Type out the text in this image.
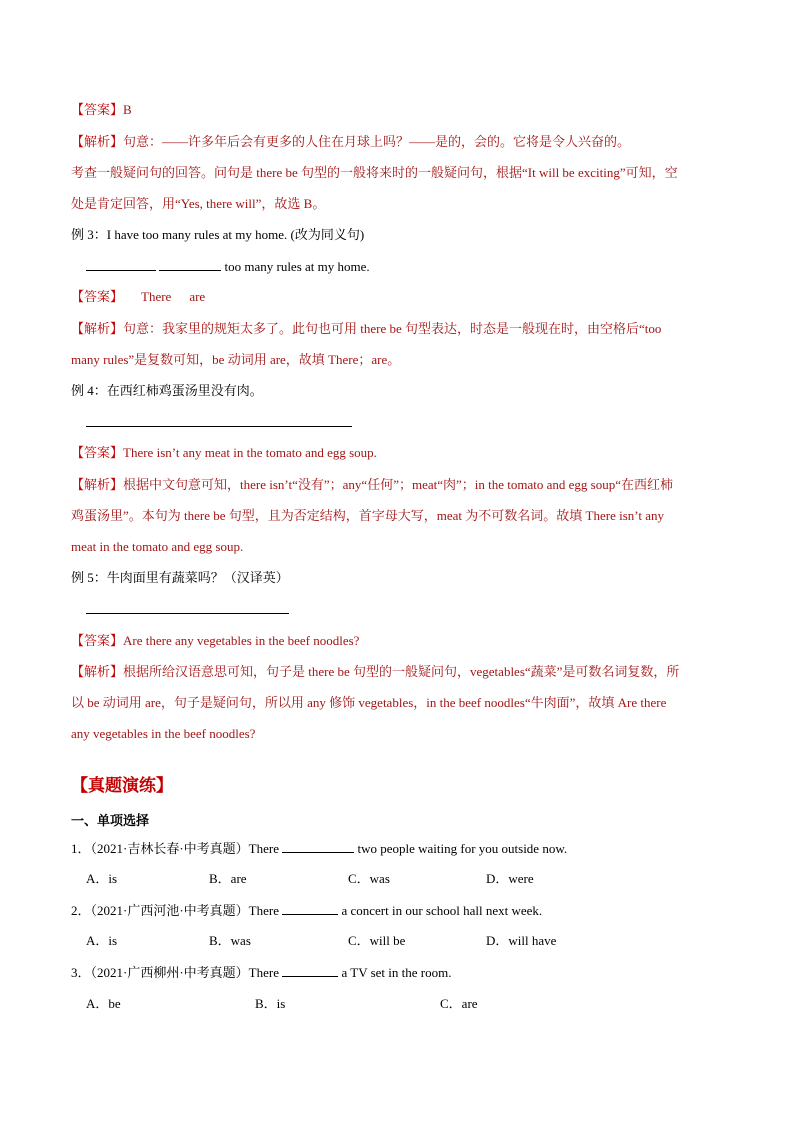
【答案】B
【解析】句意：——许多年后会有更多的人住在月球上吗？——是的，会的。它将是令人兴奋的。
考查一般疑问句的回答。问句是 there be 句型的一般将来时的一般疑问句，根据“It will be exciting”可知，空
处是肯定回答，用“Yes, there will”，故选 B。
例 3：I have too many rules at my home. (改为同义句)
too many rules at my home.
【答案】 There are
【解析】句意：我家里的规矩太多了。此句也可用 there be 句型表达，时态是一般现在时，由空格后“too
many rules”是复数可知，be 动词用 are，故填 There；are。
例 4：在西红柿鸡蛋汤里没有肉。
【答案】There isn’t any meat in the tomato and egg soup.
【解析】根据中文句意可知，there isn’t“没有”；any“任何”；meat“肉”；in the tomato and egg soup“在西红柿
鸡蛋汤里”。本句为 there be 句型，且为否定结构，首字母大写，meat 为不可数名词。故填 There isn’t any
meat in the tomato and egg soup.
例 5：牛肉面里有蔬菜吗？（汉译英）
【答案】Are there any vegetables in the beef noodles?
【解析】根据所给汉语意思可知，句子是 there be 句型的一般疑问句，vegetables“蔬菜”是可数名词复数，所
以 be 动词用 are，句子是疑问句，所以用 any 修饰 vegetables，in the beef noodles“牛肉面”，故填 Are there
any vegetables in the beef noodles?
【真题演练】
一、单项选择
1．（2021·吉林长春·中考真题）There	two people waiting for you outside now.
A．is	B．are	C．was	D．were
2．（2021·广西河池·中考真题）There	a concert in our school hall next week.
A．is	B．was	C．will be	D．will have
3．（2021·广西柳州·中考真题）There	a TV set in the room.
A．be	B．is	C．are
